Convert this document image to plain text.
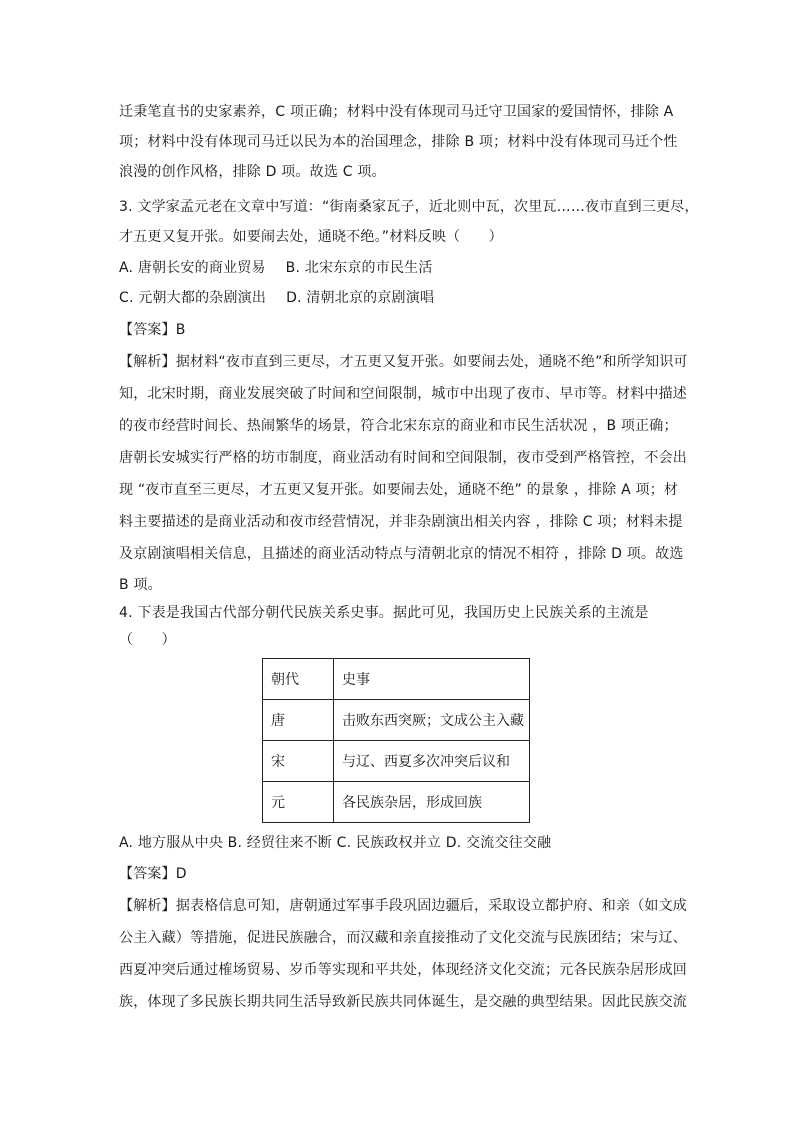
迁秉笔直书的史家素养，C 项正确；材料中没有体现司马迁守卫国家的爱国情怀，排除 A
项；材料中没有体现司马迁以民为本的治国理念，排除 B 项；材料中没有体现司马迁个性
浪漫的创作风格，排除 D 项。故选 C 项。
3. 文学家孟元老在文章中写道：“街南桑家瓦子，近北则中瓦，次里瓦……夜市直到三更尽，
才五更又复开张。如要闹去处，通晓不绝。”材料反映（　　）
A. 唐朝长安的商业贸易 B. 北宋东京的市民生活
C. 元朝大都的杂剧演出 D. 清朝北京的京剧演唱
【答案】B
【解析】据材料“夜市直到三更尽，才五更又复开张。如要闹去处，通晓不绝”和所学知识可
知，北宋时期，商业发展突破了时间和空间限制，城市中出现了夜市、早市等。材料中描述
的夜市经营时间长、热闹繁华的场景，符合北宋东京的商业和市民生活状况 ，B 项正确；
唐朝长安城实行严格的坊市制度，商业活动有时间和空间限制，夜市受到严格管控，不会出
现 “夜市直至三更尽，才五更又复开张。如要闹去处，通晓不绝” 的景象 ，排除 A 项；材
料主要描述的是商业活动和夜市经营情况，并非杂剧演出相关内容 ，排除 C 项；材料未提
及京剧演唱相关信息，且描述的商业活动特点与清朝北京的情况不相符 ，排除 D 项。故选
B 项。
4. 下表是我国古代部分朝代民族关系史事。据此可见，我国历史上民族关系的主流是
（　　）
朝代	史事
唐	击败东西突厥；文成公主入藏
宋	与辽、西夏多次冲突后议和
元	各民族杂居，形成回族
A. 地方服从中央 B. 经贸往来不断 C. 民族政权并立 D. 交流交往交融
【答案】D
【解析】据表格信息可知，唐朝通过军事手段巩固边疆后，采取设立都护府、和亲（如文成
公主入藏）等措施，促进民族融合，而汉藏和亲直接推动了文化交流与民族团结；宋与辽、
西夏冲突后通过榷场贸易、岁币等实现和平共处，体现经济文化交流；元各民族杂居形成回
族，体现了多民族长期共同生活导致新民族共同体诞生，是交融的典型结果。因此民族交流
